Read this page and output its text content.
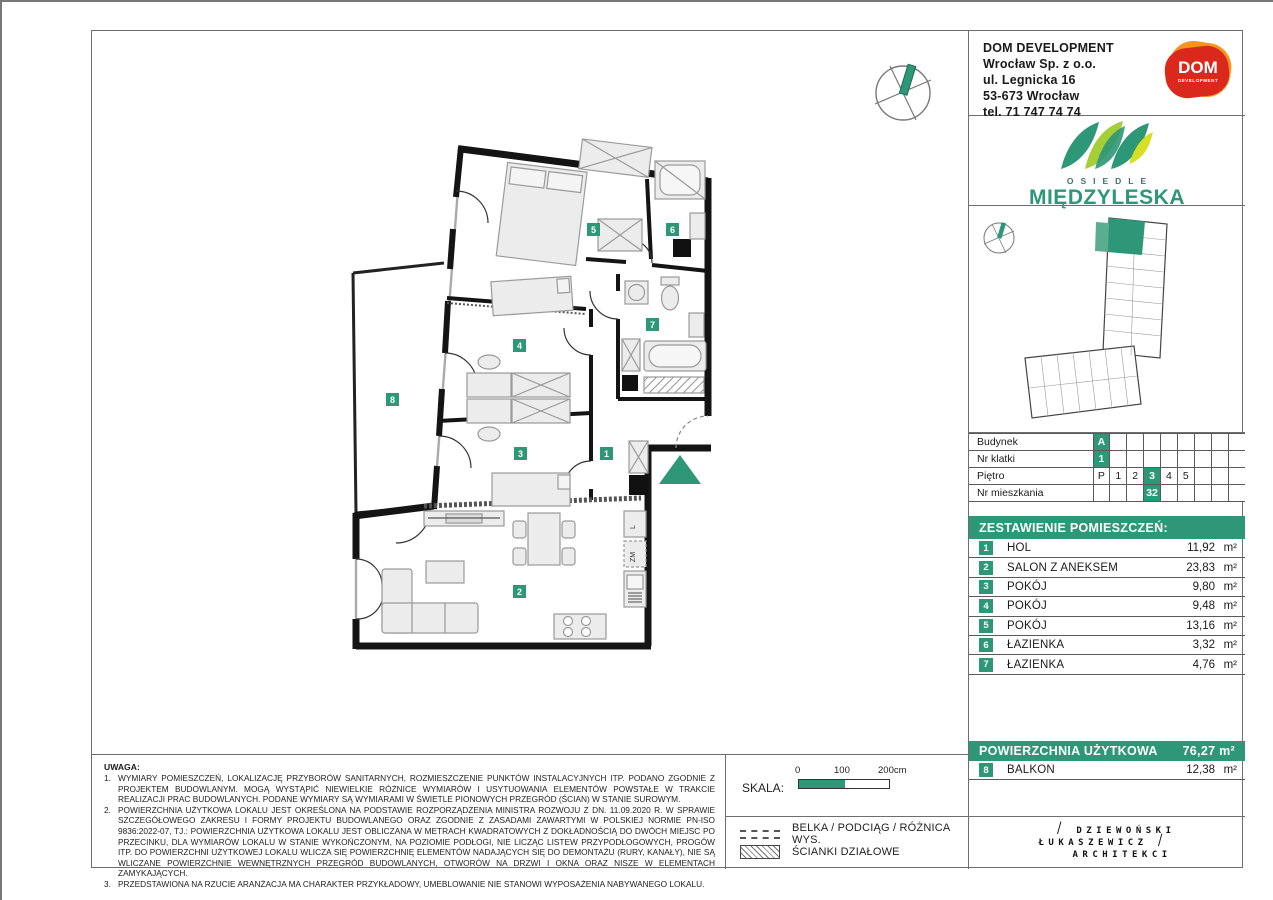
L
ZM
1
2
3
4
5	6
7
8
DOM DEVELOPMENT
Wrocław Sp. z o.o.
ul. Legnicka 16
53-673 Wrocław
tel. 71 747 74 74
DOM
DEVELOPMENT
OSIEDLE
MIĘDZYLESKA
Budynek	A								
Nr klatki	1								
Piętro	P	1	2	3	4	5			
Nr mieszkania				32					
ZESTAWIENIE POMIESZCZEŃ:
1	HOL	11,92 m²
2	SALON Z ANEKSEM	23,83 m²
3	POKÓJ	9,80 m²
4	POKÓJ	9,48 m²
5	POKÓJ	13,16 m²
6	ŁAZIENKA	3,32 m²
7	ŁAZIENKA	4,76 m²
POWIERZCHNIA UŻYTKOWA 76,27 m²
8	BALKON	12,38 m²
/ DZIEWOŃSKI
ŁUKASZEWICZ /
ARCHITEKCI
UWAGA:
1. WYMIARY POMIESZCZEŃ, LOKALIZACJĘ PRZYBORÓW SANITARNYCH, ROZMIESZCZENIE PUNKTÓW INSTALACYJNYCH ITP. PODANO ZGODNIE Z PROJEKTEM BUDOWLANYM. MOGĄ WYSTĄPIĆ NIEWIELKIE RÓŻNICE WYMIARÓW I USYTUOWANIA ELEMENTÓW POWSTAŁE W TRAKCIE REALIZACJI PRAC BUDOWLANYCH. PODANE WYMIARY SĄ WYMIARAMI W ŚWIETLE PIONOWYCH PRZEGRÓD (ŚCIAN) W STANIE SUROWYM.
2. POWIERZCHNIA UŻYTKOWA LOKALU JEST OKREŚLONA NA PODSTAWIE ROZPORZĄDZENIA MINISTRA ROZWOJU Z DN. 11.09.2020 R. W SPRAWIE SZCZEGÓŁOWEGO ZAKRESU I FORMY PROJEKTU BUDOWLANEGO ORAZ ZGODNIE Z ZASADAMI ZAWARTYMI W POLSKIEJ NORMIE PN-ISO 9836:2022-07, TJ.: POWIERZCHNIA UŻYTKOWA LOKALU JEST OBLICZANA W METRACH KWADRATOWYCH Z DOKŁADNOŚCIĄ DO DWÓCH MIEJSC PO PRZECINKU, DLA WYMIARÓW LOKALU W STANIE WYKOŃCZONYM, NA POZIOMIE PODŁOGI, NIE LICZĄC LISTEW PRZYPODŁOGOWYCH, PROGÓW ITP. DO POWIERZCHNI UŻYTKOWEJ LOKALU WLICZA SIĘ POWIERZCHNIĘ ELEMENTÓW NADAJĄCYCH SIĘ DO DEMONTAŻU (RURY, KANAŁY), NIE SĄ WLICZANE POWIERZCHNIE WEWNĘTRZNYCH PRZEGRÓD BUDOWLANYCH, OTWORÓW NA DRZWI I OKNA ORAZ NISZE W ELEMENTACH ZAMYKAJĄCYCH.
3. PRZEDSTAWIONA NA RZUCIE ARANŻACJA MA CHARAKTER PRZYKŁADOWY, UMEBLOWANIE NIE STANOWI WYPOSAŻENIA NABYWANEGO LOKALU.
SKALA:
0	100	200cm
BELKA / PODCIĄG / RÓŻNICA WYS.
ŚCIANKI DZIAŁOWE
